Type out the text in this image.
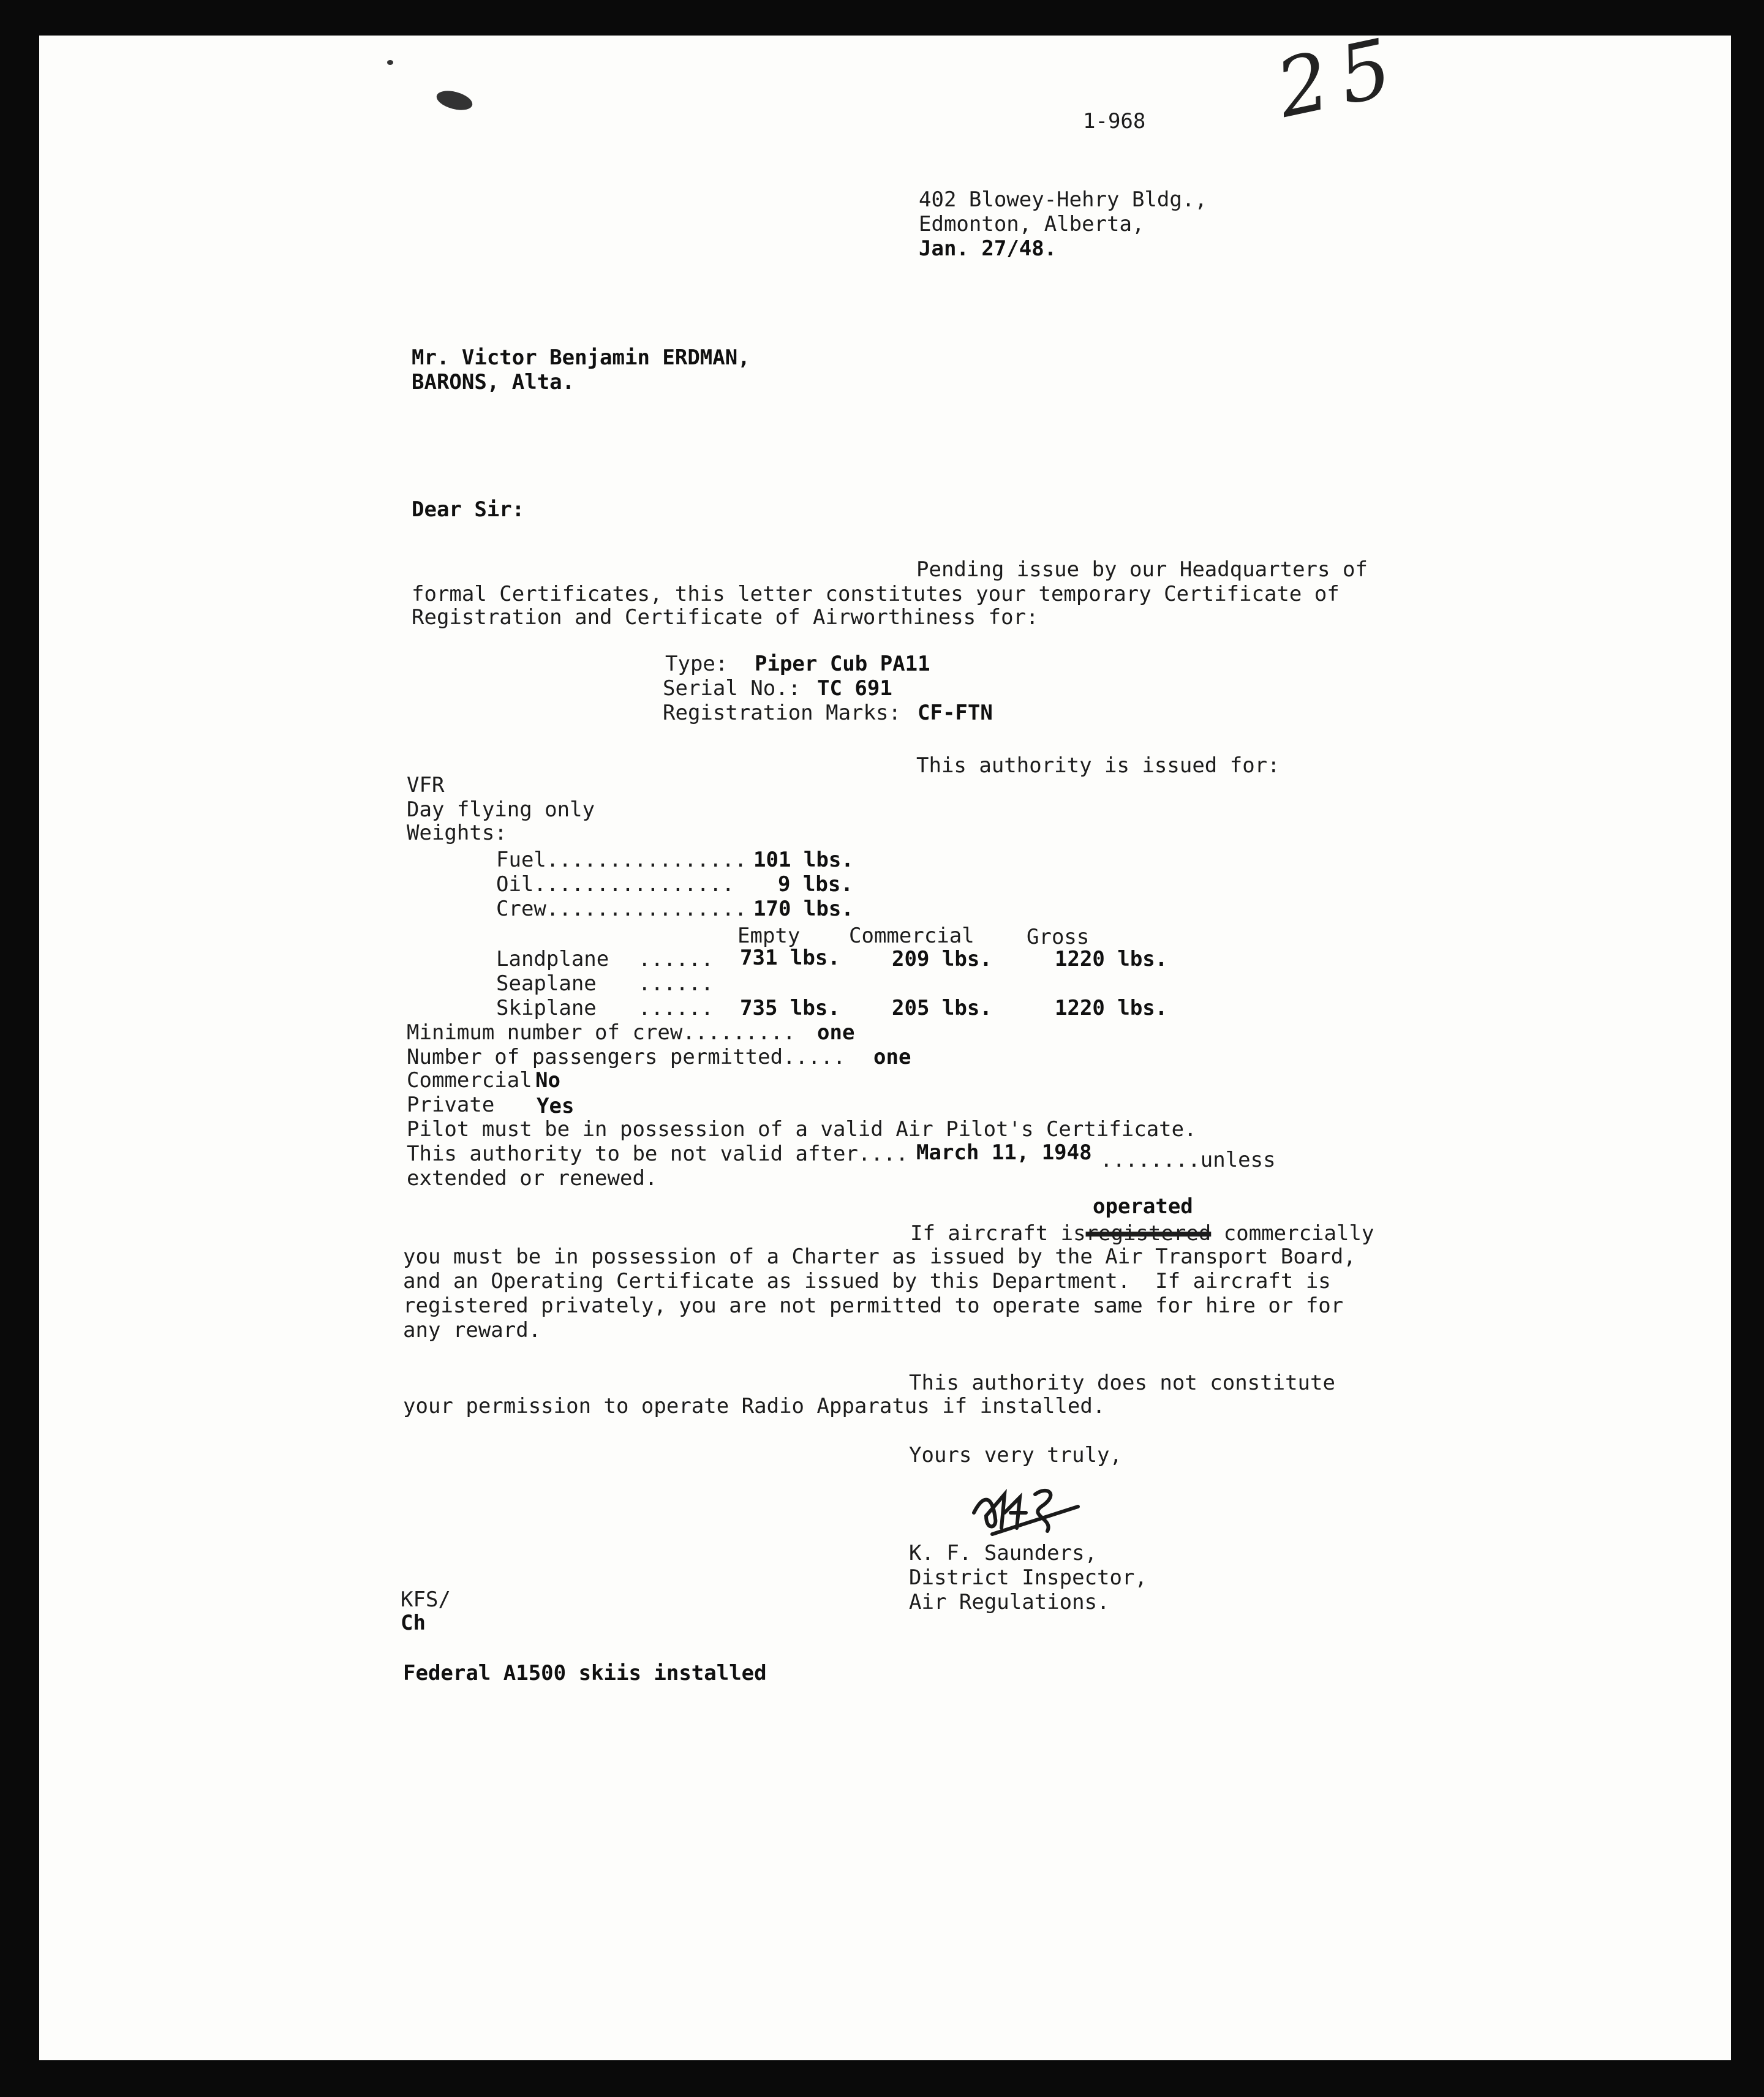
25
1-968
402 Blowey-Hehry Bldg.,
Edmonton, Alberta,
Jan. 27/48.
Mr. Victor Benjamin ERDMAN,
BARONS, Alta.
Dear Sir:
Pending issue by our Headquarters of
formal Certificates, this letter constitutes your temporary Certificate of
Registration and Certificate of Airworthiness for:
Type: Piper Cub PA11
Serial No.: TC 691
Registration Marks: CF-FTN
This authority is issued for:
VFR
Day flying only
Weights:
Fuel .....	101 lbs.
Oil .....	9 lbs.
Crew .....	170 lbs.
Empty Commercial	Gross
Landplane ...... 731 lbs. 209 lbs.	1220 lbs.
Seaplane ......
Skiplane ...... 735 lbs. 205 lbs.	1220 lbs.
Minimum number of crew......... one
Number of passengers permitted..... one
Commercial No
Private Yes
Pilot must be in possession of a valid Air Pilot's Certificate.
This authority to be not valid after.... March 11, 1948 ........unless
extended or renewed.
operated
If aircraft isregistered commercially
you must be in possession of a Charter as issued by the Air Transport Board,
and an Operating Certificate as issued by this Department.  If aircraft is
registered privately, you are not permitted to operate same for hire or for
any reward.
This authority does not constitute
your permission to operate Radio Apparatus if installed.
Yours very truly,
K. F. Saunders,
District Inspector,
Air Regulations.
KFS/
Ch
Federal A1500 skiis installed
